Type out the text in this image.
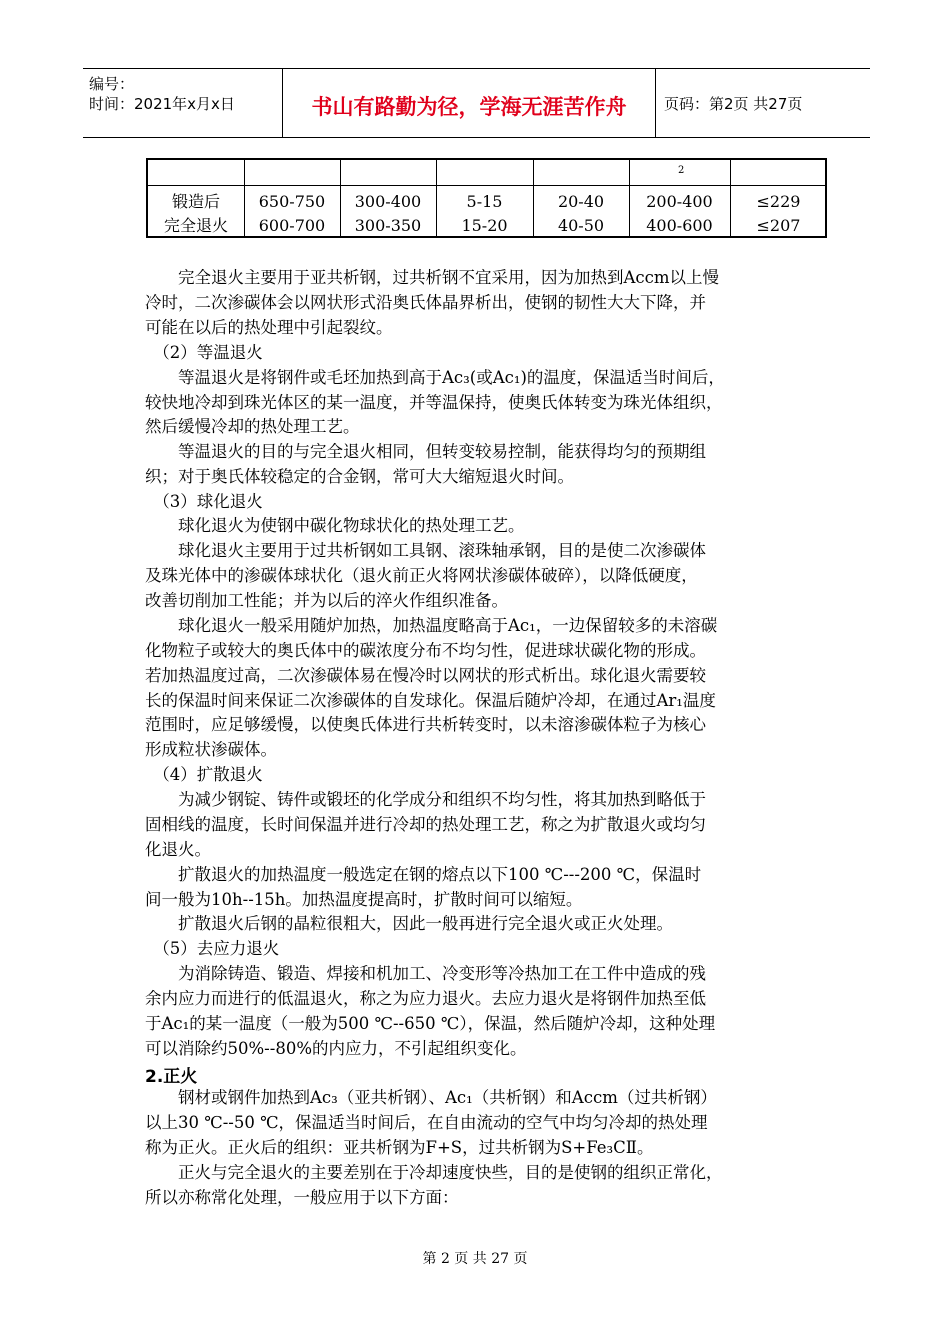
编号：
时间：2021年x月x日	书山有路勤为径，学海无涯苦作舟	页码：第2页 共27页
2
锻造后	650-750	300-400	5-15	20-40	200-400	≤229
完全退火	600-700	300-350	15-20	40-50	400-600	≤207
　　完全退火主要用于亚共析钢，过共析钢不宜采用，因为加热到Accm以上慢
冷时，二次渗碳体会以网状形式沿奥氏体晶界析出，使钢的韧性大大下降，并
可能在以后的热处理中引起裂纹。
　（2）等温退火
　　等温退火是将钢件或毛坯加热到高于Ac₃(或Ac₁)的温度，保温适当时间后，
较快地冷却到珠光体区的某一温度，并等温保持，使奥氏体转变为珠光体组织，
然后缓慢冷却的热处理工艺。
　　等温退火的目的与完全退火相同，但转变较易控制，能获得均匀的预期组
织；对于奥氏体较稳定的合金钢，常可大大缩短退火时间。
　（3）球化退火
　　球化退火为使钢中碳化物球状化的热处理工艺。
　　球化退火主要用于过共析钢如工具钢、滚珠轴承钢，目的是使二次渗碳体
及珠光体中的渗碳体球状化（退火前正火将网状渗碳体破碎），以降低硬度，
改善切削加工性能；并为以后的淬火作组织准备。
　　球化退火一般采用随炉加热，加热温度略高于Ac₁，一边保留较多的未溶碳
化物粒子或较大的奥氏体中的碳浓度分布不均匀性，促进球状碳化物的形成。
若加热温度过高，二次渗碳体易在慢冷时以网状的形式析出。球化退火需要较
长的保温时间来保证二次渗碳体的自发球化。保温后随炉冷却，在通过Ar₁温度
范围时，应足够缓慢，以使奥氏体进行共析转变时，以未溶渗碳体粒子为核心
形成粒状渗碳体。
　（4）扩散退火
　　为减少钢锭、铸件或锻坯的化学成分和组织不均匀性，将其加热到略低于
固相线的温度，长时间保温并进行冷却的热处理工艺，称之为扩散退火或均匀
化退火。
　　扩散退火的加热温度一般选定在钢的熔点以下100 ℃---200 ℃，保温时
间一般为10h--15h。加热温度提高时，扩散时间可以缩短。
　　扩散退火后钢的晶粒很粗大，因此一般再进行完全退火或正火处理。
　（5）去应力退火
　　为消除铸造、锻造、焊接和机加工、冷变形等冷热加工在工件中造成的残
余内应力而进行的低温退火，称之为应力退火。去应力退火是将钢件加热至低
于Ac₁的某一温度（一般为500 ℃--650 ℃），保温，然后随炉冷却，这种处理
可以消除约50%--80%的内应力，不引起组织变化。
2.正火
　　钢材或钢件加热到Ac₃（亚共析钢）、Ac₁（共析钢）和Accm（过共析钢）
以上30 ℃--50 ℃，保温适当时间后，在自由流动的空气中均匀冷却的热处理
称为正火。正火后的组织：亚共析钢为F+S，过共析钢为S+Fe₃CⅡ。
　　正火与完全退火的主要差别在于冷却速度快些，目的是使钢的组织正常化，
所以亦称常化处理，一般应用于以下方面：
第 2 页 共 27 页
